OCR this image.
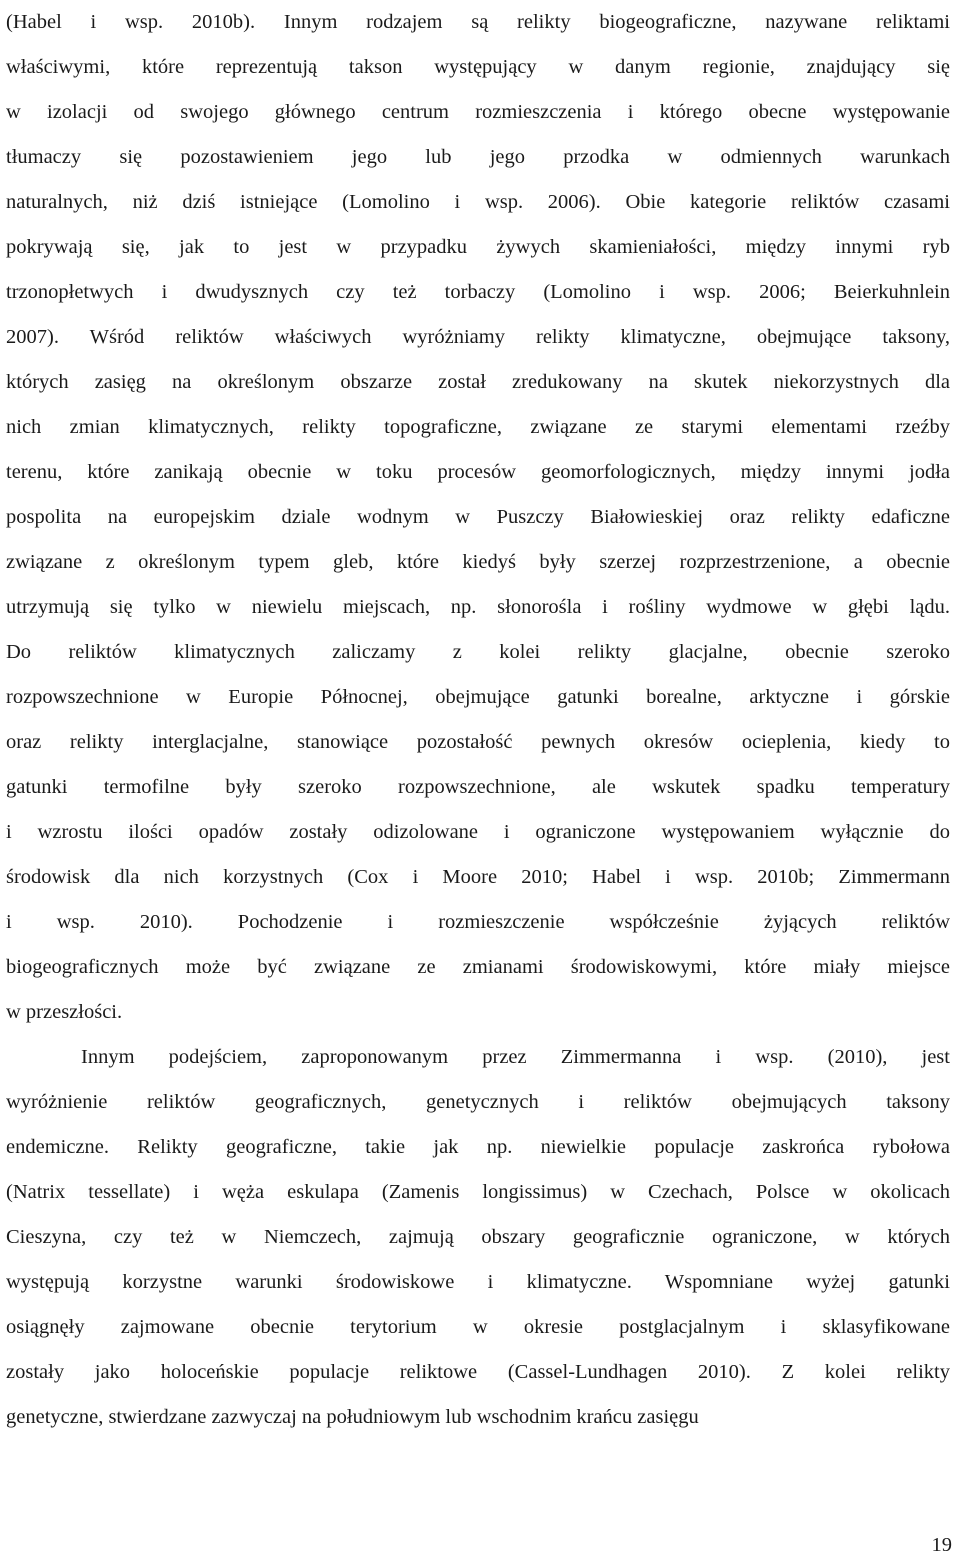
(Habel i wsp. 2010b). Innym rodzajem są relikty biogeograficzne, nazywane reliktami

właściwymi, które reprezentują takson występujący w danym regionie, znajdujący się

w izolacji od swojego głównego centrum rozmieszczenia i którego obecne występowanie

tłumaczy się pozostawieniem jego lub jego przodka w odmiennych warunkach

naturalnych, niż dziś istniejące (Lomolino i wsp. 2006). Obie kategorie reliktów czasami

pokrywają się, jak to jest w przypadku żywych skamieniałości, między innymi ryb

trzonopłetwych i dwudysznych czy też torbaczy (Lomolino i wsp. 2006; Beierkuhnlein

2007). Wśród reliktów właściwych wyróżniamy relikty klimatyczne, obejmujące taksony,

których zasięg na określonym obszarze został zredukowany na skutek niekorzystnych dla

nich zmian klimatycznych, relikty topograficzne, związane ze starymi elementami rzeźby

terenu, które zanikają obecnie w toku procesów geomorfologicznych, między innymi jodła

pospolita na europejskim dziale wodnym w Puszczy Białowieskiej oraz relikty edaficzne

związane z określonym typem gleb, które kiedyś były szerzej rozprzestrzenione, a obecnie

utrzymują się tylko w niewielu miejscach, np. słonorośla i rośliny wydmowe w głębi lądu.

Do reliktów klimatycznych zaliczamy z kolei relikty glacjalne, obecnie szeroko

rozpowszechnione w Europie Północnej, obejmujące gatunki borealne, arktyczne i górskie

oraz relikty interglacjalne, stanowiące pozostałość pewnych okresów ocieplenia, kiedy to

gatunki termofilne były szeroko rozpowszechnione, ale wskutek spadku temperatury

i wzrostu ilości opadów zostały odizolowane i ograniczone występowaniem wyłącznie do

środowisk dla nich korzystnych (Cox i Moore 2010; Habel i wsp. 2010b; Zimmermann

i wsp. 2010). Pochodzenie i rozmieszczenie współcześnie żyjących reliktów

biogeograficznych może być związane ze zmianami środowiskowymi, które miały miejsce

w przeszłości.

Innym podejściem, zaproponowanym przez Zimmermanna i wsp. (2010), jest

wyróżnienie reliktów geograficznych, genetycznych i reliktów obejmujących taksony

endemiczne. Relikty geograficzne, takie jak np. niewielkie populacje zaskrońca rybołowa

(Natrix tessellate) i węża eskulapa (Zamenis longissimus) w Czechach, Polsce w okolicach

Cieszyna, czy też w Niemczech, zajmują obszary geograficznie ograniczone, w których

występują korzystne warunki środowiskowe i klimatyczne. Wspomniane wyżej gatunki

osiągnęły zajmowane obecnie terytorium w okresie postglacjalnym i sklasyfikowane

zostały jako holoceńskie populacje reliktowe (Cassel-Lundhagen 2010). Z kolei relikty

genetyczne, stwierdzane zazwyczaj na południowym lub wschodnim krańcu zasięgu

19
